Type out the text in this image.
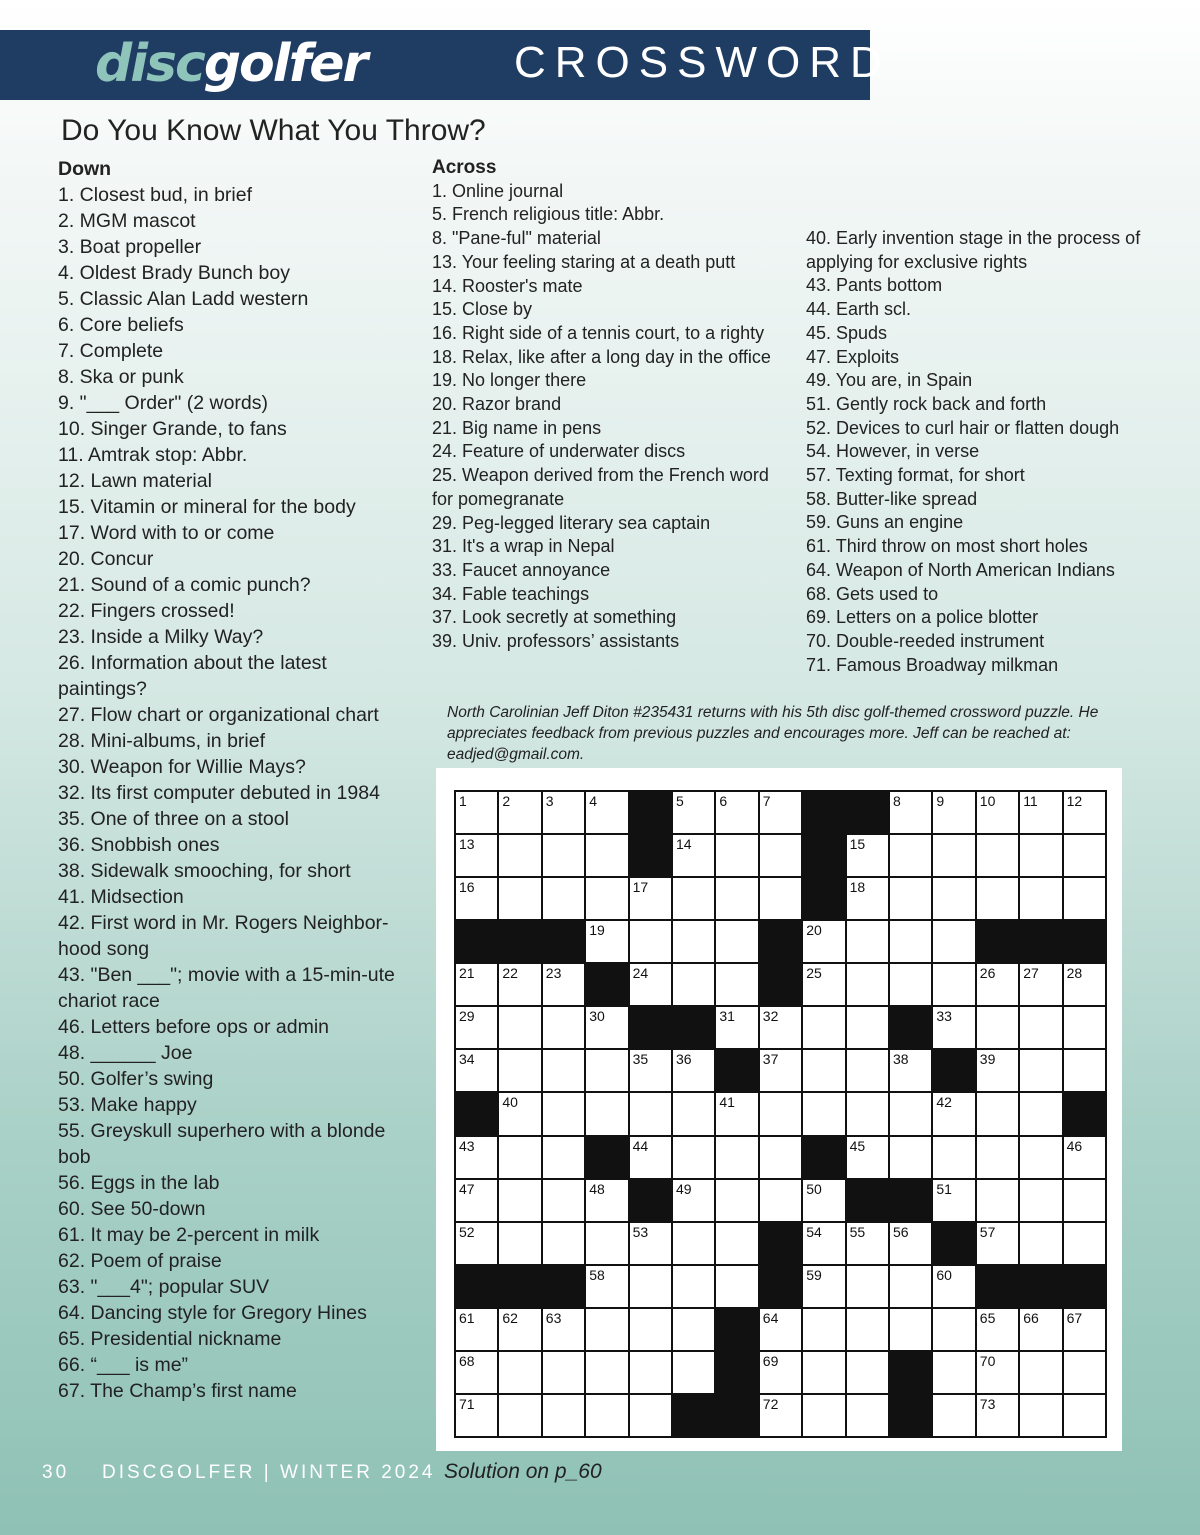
discgolfer	CROSSWORD
Do You Know What You Throw?
Down
1. Closest bud, in brief
2. MGM mascot
3. Boat propeller
4. Oldest Brady Bunch boy
5. Classic Alan Ladd western
6. Core beliefs
7. Complete
8. Ska or punk
9. "___ Order" (2 words)
10. Singer Grande, to fans
11. Amtrak stop: Abbr.
12. Lawn material
15. Vitamin or mineral for the body
17. Word with to or come
20. Concur
21. Sound of a comic punch?
22. Fingers crossed!
23. Inside a Milky Way?
26. Information about the latest paintings?
27. Flow chart or organizational chart
28. Mini-albums, in brief
30. Weapon for Willie Mays?
32. Its first computer debuted in 1984
35. One of three on a stool
36. Snobbish ones
38. Sidewalk smooching, for short
41. Midsection
42. First word in Mr. Rogers Neighbor-hood song
43. "Ben ___"; movie with a 15-min-ute chariot race
46. Letters before ops or admin
48. ______ Joe
50. Golfer’s swing
53. Make happy
55. Greyskull superhero with a blonde bob
56. Eggs in the lab
60. See 50-down
61. It may be 2-percent in milk
62. Poem of praise
63. "___4"; popular SUV
64. Dancing style for Gregory Hines
65. Presidential nickname
66. “___ is me”
67. The Champ’s first name
Across
1. Online journal
5. French religious title: Abbr.
8. "Pane-ful" material
13. Your feeling staring at a death putt
14. Rooster's mate
15. Close by
16. Right side of a tennis court, to a righty
18. Relax, like after a long day in the office
19. No longer there
20. Razor brand
21. Big name in pens
24. Feature of underwater discs
25. Weapon derived from the French word for pomegranate
29. Peg-legged literary sea captain
31. It's a wrap in Nepal
33. Faucet annoyance
34. Fable teachings
37. Look secretly at something
39. Univ. professors’ assistants
40. Early invention stage in the process of applying for exclusive rights
43. Pants bottom
44. Earth scl.
45. Spuds
47. Exploits
49. You are, in Spain
51. Gently rock back and forth
52. Devices to curl hair or flatten dough
54. However, in verse
57. Texting format, for short
58. Butter-like spread
59. Guns an engine
61. Third throw on most short holes
64. Weapon of North American Indians
68. Gets used to
69. Letters on a police blotter
70. Double-reeded instrument
71. Famous Broadway milkman
North Carolinian Jeff Diton #235431 returns with his 5th disc golf-themed crossword puzzle. He appreciates feedback from previous puzzles and encourages more. Jeff can be reached at: eadjed@gmail.com.
1	2	3	4	5	6	7	8	9	10 11 12
13	14	15
16	17	18
19	20
21 22 23	24	25	26 27 28
29	30	31 32	33
34	35 36	37	38	39
40	41	42
43	44	45	46
47	48	49	50	51
52	53	54 55 56	57
58	59	60
61 62 63	64	65 66 67
68	69	70
71	72	73
30 DISCGOLFER | WINTER 2024 Solution on p_60
